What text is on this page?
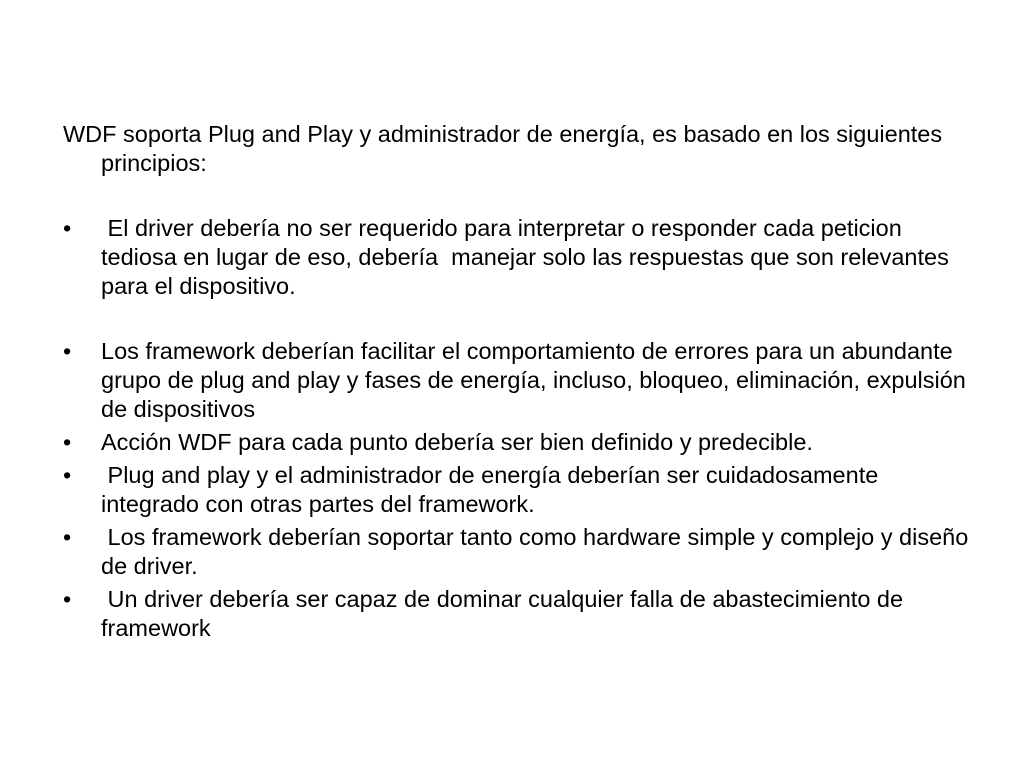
WDF soporta Plug and Play y administrador de energía, es basado en los siguientes principios:

• El driver debería no ser requerido para interpretar o responder cada peticion tediosa en lugar de eso, debería  manejar solo las respuestas que son relevantes para el dispositivo.
• Los framework deberían facilitar el comportamiento de errores para un abundante grupo de plug and play y fases de energía, incluso, bloqueo, eliminación, expulsión  de dispositivos
• Acción WDF para cada punto debería ser bien definido y predecible.
• Plug and play y el administrador de energía deberían ser cuidadosamente integrado con otras partes del framework.
• Los framework deberían soportar tanto como hardware simple y complejo y diseño de driver.
• Un driver debería ser capaz de dominar cualquier falla de abastecimiento de framework
